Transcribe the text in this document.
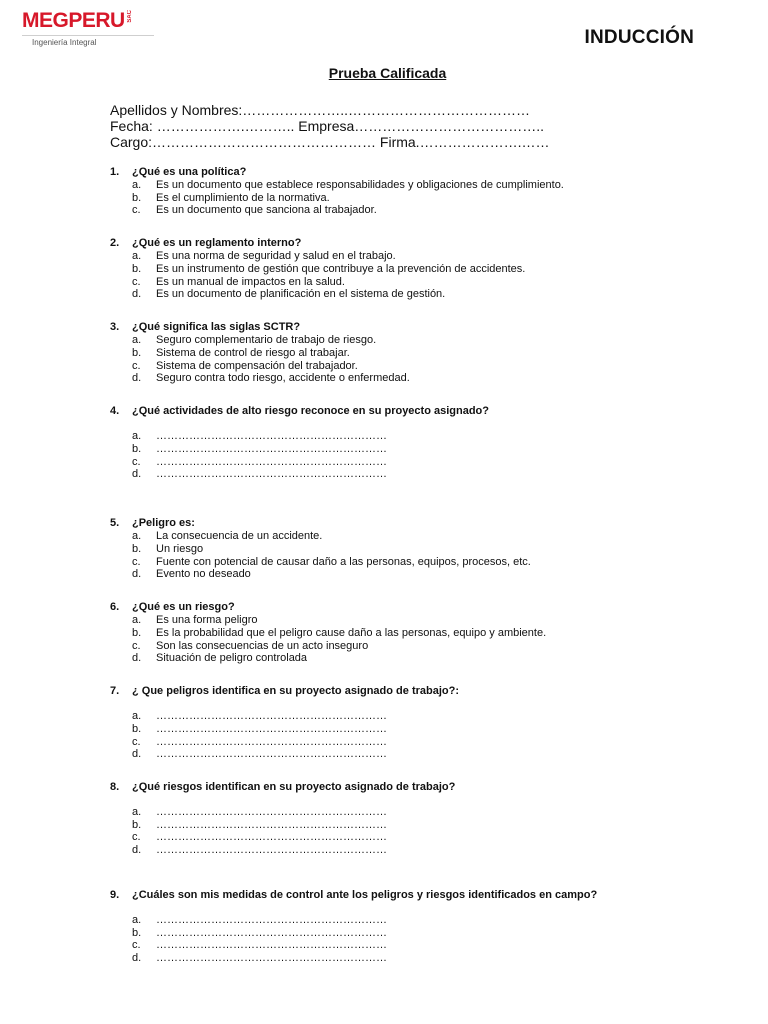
MEG PERU SAC
Ingeniería Integral	INDUCCIÓN
Prueba Calificada
Apellidos y Nombres:…………………..…………………………………
Fecha: ……………….……….. Empresa…………………………………..
Cargo:………………………………………… Firma.………………….……
1.	¿Qué es una política?
a.	Es un documento que establece responsabilidades y obligaciones de cumplimiento.
b.	Es el cumplimiento de la normativa.
c.	Es un documento que sanciona al trabajador.
2.	¿Qué es un reglamento interno?
a.	Es una norma de seguridad y salud en el trabajo.
b.	Es un instrumento de gestión que contribuye a la prevención de accidentes.
c.	Es un manual de impactos en la salud.
d.	Es un documento de planificación en el sistema de gestión.
3.	¿Qué significa las siglas SCTR?
a.	Seguro complementario de trabajo de riesgo.
b.	Sistema de control de riesgo al trabajar.
c.	Sistema de compensación del trabajador.
d.	Seguro contra todo riesgo, accidente o enfermedad.
4.	¿Qué actividades de alto riesgo reconoce en su proyecto asignado?
a.	………………………………………………………
b.	………………………………………………………
c.	………………………………………………………
d.	………………………………………………………
5.	¿Peligro es:
a.	La consecuencia de un accidente.
b.	Un riesgo
c.	Fuente con potencial de causar daño a las personas, equipos, procesos, etc.
d.	Evento no deseado
6.	¿Qué es un riesgo?
a.	Es una forma peligro
b.	Es la probabilidad que el peligro cause daño a las personas, equipo y ambiente.
c.	Son las consecuencias de un acto inseguro
d.	Situación de peligro controlada
7.	¿ Que peligros identifica en su proyecto asignado de trabajo?:
a.	………………………………………………………
b.	………………………………………………………
c.	………………………………………………………
d.	………………………………………………………
8.	¿Qué riesgos identifican en su proyecto asignado de trabajo?
a.	………………………………………………………
b.	………………………………………………………
c.	………………………………………………………
d.	………………………………………………………
9.	¿Cuáles son mis medidas de control ante los peligros y riesgos identificados en campo?
a.	………………………………………………………
b.	………………………………………………………
c.	………………………………………………………
d.	………………………………………………………
